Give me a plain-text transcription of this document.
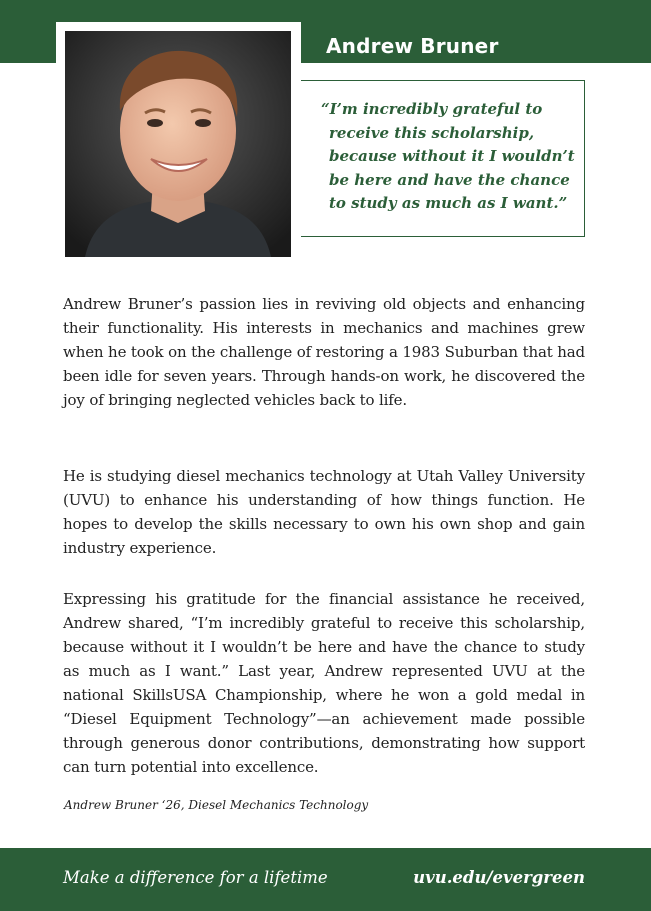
Andrew Bruner
“I’m incredibly grateful to receive this scholarship, because without it I wouldn’t be here and have the chance to study as much as I want.”

Andrew Bruner’s passion lies in reviving old objects and enhancing their functionality. His interests in mechanics and machines grew when he took on the challenge of restoring a 1983 Suburban that had been idle for seven years. Through hands-on work, he discovered the joy of bringing neglected vehicles back to life.

He is studying diesel mechanics technology at Utah Valley University (UVU) to enhance his understanding of how things function. He hopes to develop the skills necessary to own his own shop and gain industry experience.

Expressing his gratitude for the financial assistance he received, Andrew shared, “I’m incredibly grateful to receive this scholarship, because without it I wouldn’t be here and have the chance to study as much as I want.” Last year, Andrew represented UVU at the national SkillsUSA Championship, where he won a gold medal in “Diesel Equipment Technology”—an achievement made possible through generous donor contributions, demonstrating how support can turn potential into excellence.

Andrew Bruner ‘26, Diesel Mechanics Technology
Make a difference for a lifetime	uvu.edu/evergreen
